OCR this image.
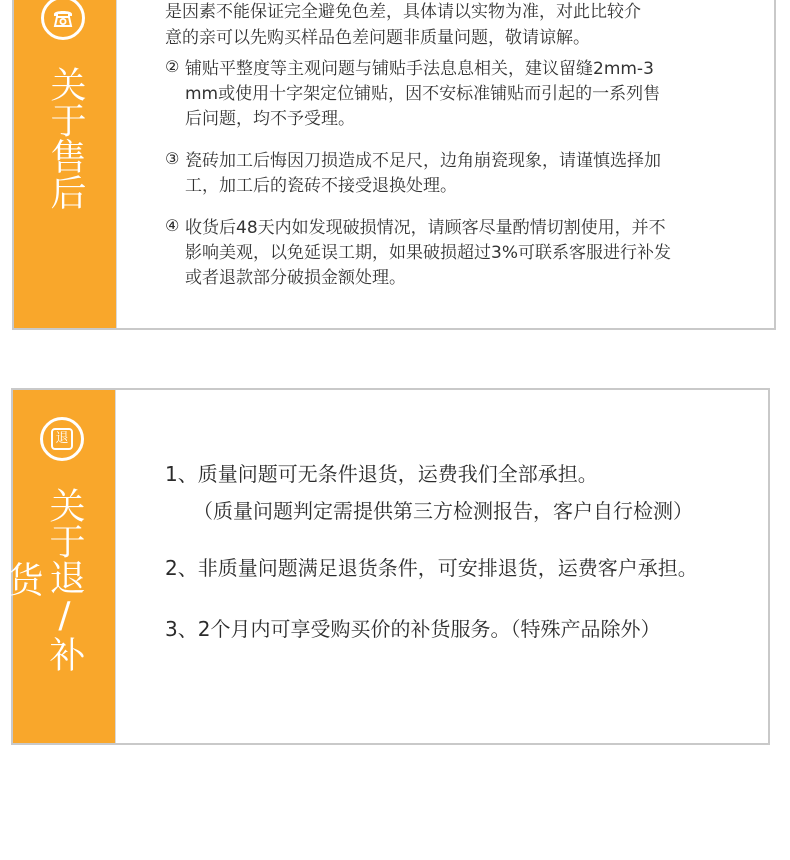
关于售后
是因素不能保证完全避免色差，具体请以实物为准，对此比较介
意的亲可以先购买样品色差问题非质量问题，敬请谅解。
② 铺贴平整度等主观问题与铺贴手法息息相关，建议留缝2mm-3
mm或使用十字架定位铺贴，因不安标准铺贴而引起的一系列售
后问题，均不予受理。
③ 瓷砖加工后悔因刀损造成不足尺，边角崩瓷现象，请谨慎选择加
工，加工后的瓷砖不接受退换处理。
④ 收货后48天内如发现破损情况，请顾客尽量酌情切割使用，并不
影响美观，以免延误工期，如果破损超过3%可联系客服进行补发
或者退款部分破损金额处理。
退
关于退/补货
1、质量问题可无条件退货，运费我们全部承担。
（质量问题判定需提供第三方检测报告，客户自行检测）
2、非质量问题满足退货条件，可安排退货，运费客户承担。
3、2个月内可享受购买价的补货服务。（特殊产品除外）
